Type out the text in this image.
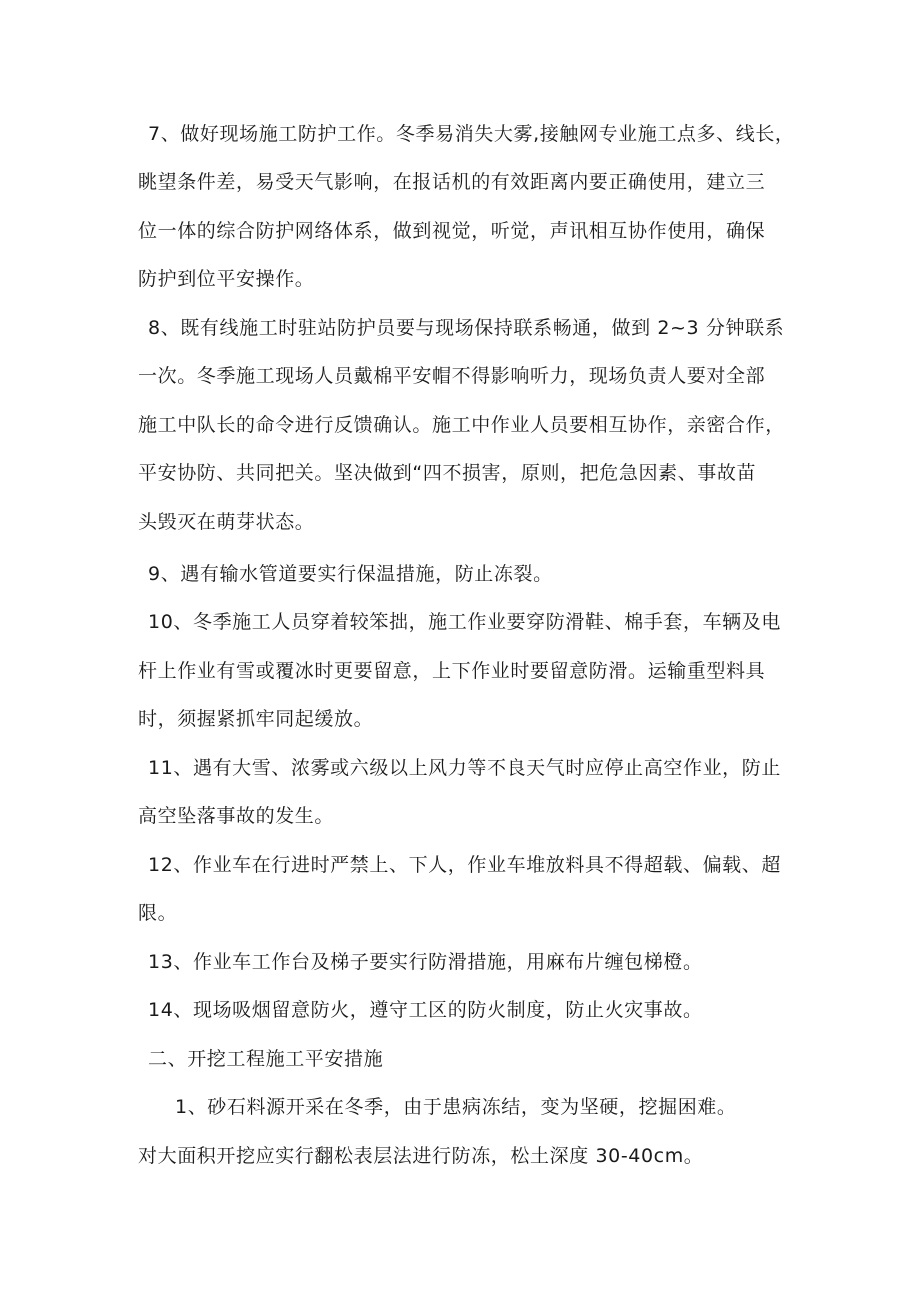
7、做好现场施工防护工作。冬季易消失大雾,接触网专业施工点多、线长，
眺望条件差，易受天气影响，在报话机的有效距离内要正确使用，建立三
位一体的综合防护网络体系，做到视觉，听觉，声讯相互协作使用，确保
防护到位平安操作。
8、既有线施工时驻站防护员要与现场保持联系畅通，做到 2~3 分钟联系
一次。冬季施工现场人员戴棉平安帽不得影响听力，现场负责人要对全部
施工中队长的命令进行反馈确认。施工中作业人员要相互协作，亲密合作，
平安协防、共同把关。坚决做到“四不损害，原则，把危急因素、事故苗
头毁灭在萌芽状态。
9、遇有输水管道要实行保温措施，防止冻裂。
10、冬季施工人员穿着较笨拙，施工作业要穿防滑鞋、棉手套，车辆及电
杆上作业有雪或覆冰时更要留意，上下作业时要留意防滑。运输重型料具
时，须握紧抓牢同起缓放。
11、遇有大雪、浓雾或六级以上风力等不良天气时应停止高空作业，防止
高空坠落事故的发生。
12、作业车在行进时严禁上、下人，作业车堆放料具不得超载、偏载、超
限。
13、作业车工作台及梯子要实行防滑措施，用麻布片缠包梯橙。
14、现场吸烟留意防火，遵守工区的防火制度，防止火灾事故。
二、开挖工程施工平安措施
1、砂石料源开采在冬季，由于患病冻结，变为坚硬，挖掘困难。
对大面积开挖应实行翻松表层法进行防冻，松土深度 30-40cm。
